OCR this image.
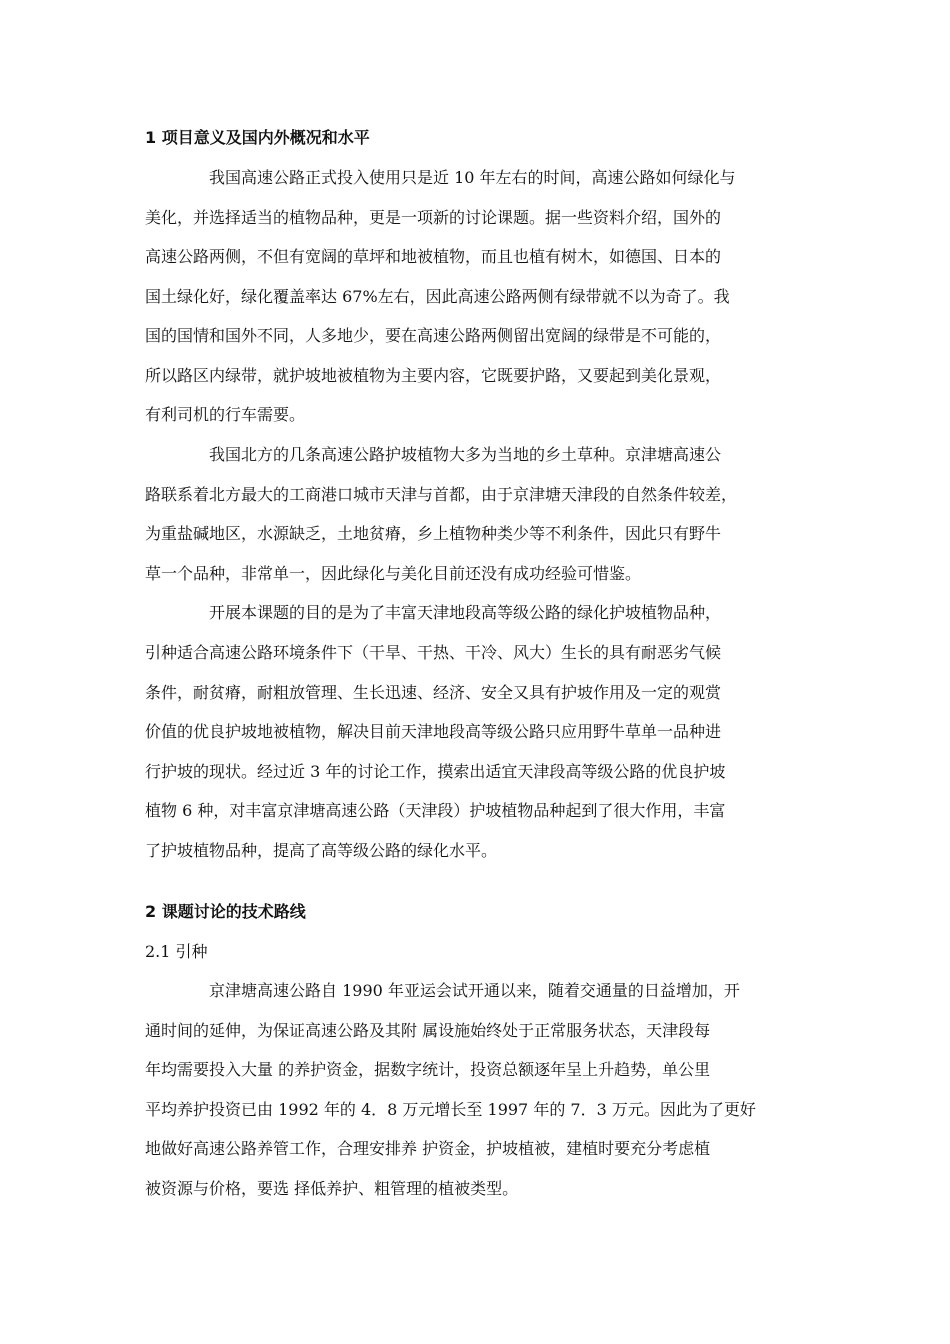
1 项目意义及国内外概况和水平
我国高速公路正式投入使用只是近 10 年左右的时间，高速公路如何绿化与
美化，并选择适当的植物品种，更是一项新的讨论课题。据一些资料介绍，国外的
高速公路两侧，不但有宽阔的草坪和地被植物，而且也植有树木，如德国、日本的
国土绿化好，绿化覆盖率达 67%左右，因此高速公路两侧有绿带就不以为奇了。我
国的国情和国外不同，人多地少，要在高速公路两侧留出宽阔的绿带是不可能的，
所以路区内绿带，就护坡地被植物为主要内容，它既要护路，又要起到美化景观，
有利司机的行车需要。
我国北方的几条高速公路护坡植物大多为当地的乡土草种。京津塘高速公
路联系着北方最大的工商港口城市天津与首都，由于京津塘天津段的自然条件较差，
为重盐碱地区，水源缺乏，土地贫瘠，乡上植物种类少等不利条件，因此只有野牛
草一个品种，非常单一，因此绿化与美化目前还没有成功经验可惜鉴。
开展本课题的目的是为了丰富天津地段高等级公路的绿化护坡植物品种，
引种适合高速公路环境条件下（干旱、干热、干冷、风大）生长的具有耐恶劣气候
条件，耐贫瘠，耐粗放管理、生长迅速、经济、安全又具有护坡作用及一定的观赏
价值的优良护坡地被植物，解决目前天津地段高等级公路只应用野牛草单一品种进
行护坡的现状。经过近 3 年的讨论工作，摸索出适宜天津段高等级公路的优良护坡
植物 6 种，对丰富京津塘高速公路（天津段）护坡植物品种起到了很大作用，丰富
了护坡植物品种，提高了高等级公路的绿化水平。
2 课题讨论的技术路线
2.1 引种
京津塘高速公路自 1990 年亚运会试开通以来，随着交通量的日益增加，开
通时间的延伸，为保证高速公路及其附 属设施始终处于正常服务状态，天津段每
年均需要投入大量 的养护资金，据数字统计，投资总额逐年呈上升趋势，单公里
平均养护投资已由 1992 年的 4．8 万元增长至 1997 年的 7．3 万元。因此为了更好
地做好高速公路养管工作，合理安排养 护资金，护坡植被，建植时要充分考虑植
被资源与价格，要选 择低养护、粗管理的植被类型。
